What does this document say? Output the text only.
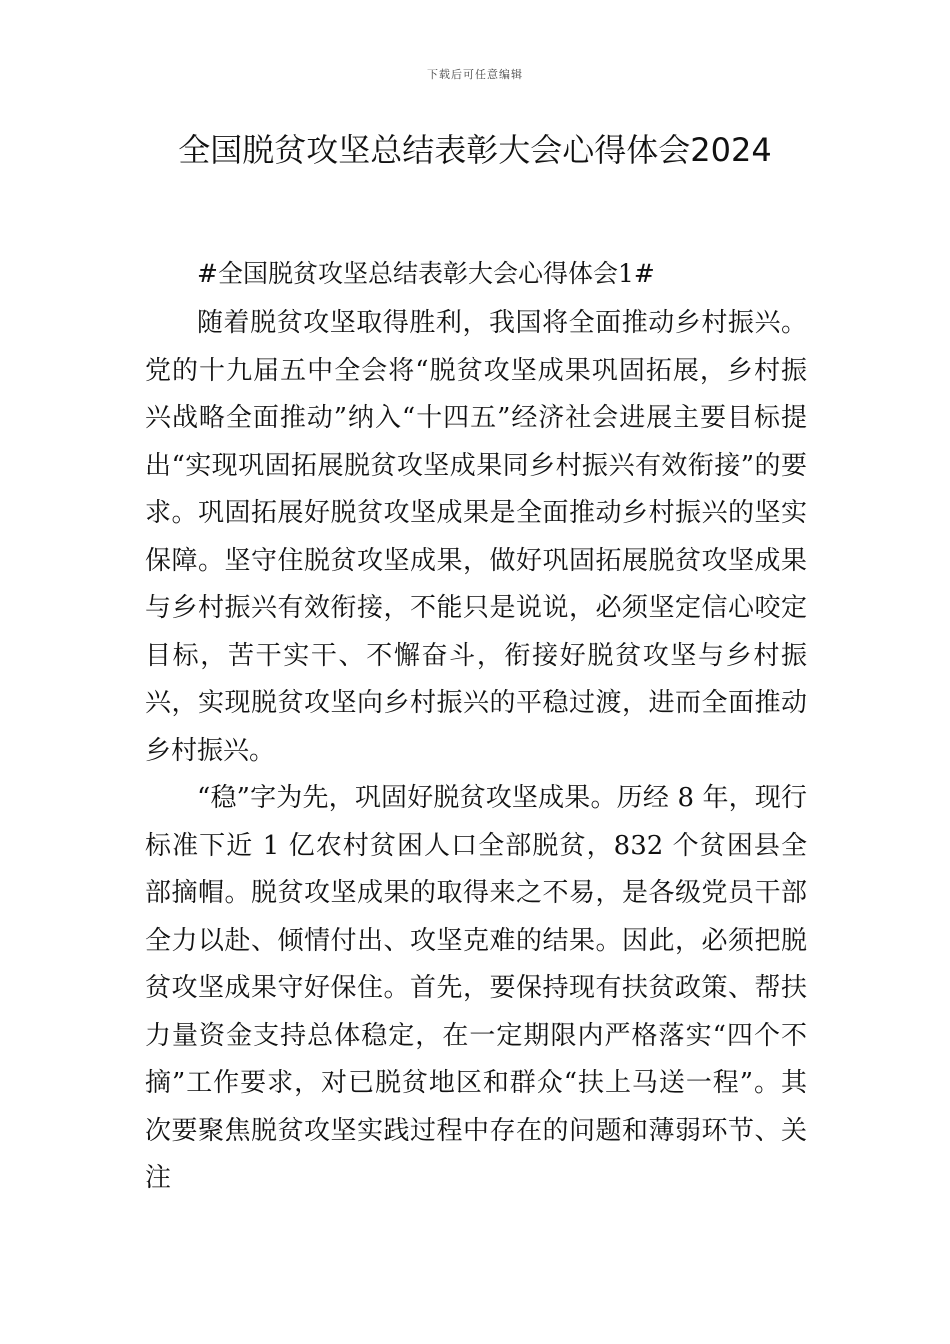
下载后可任意编辑
全国脱贫攻坚总结表彰大会心得体会2024

#全国脱贫攻坚总结表彰大会心得体会1#

随着脱贫攻坚取得胜利，我国将全面推动乡村振兴。党的十九届五中全会将“脱贫攻坚成果巩固拓展，乡村振兴战略全面推动”纳入“十四五”经济社会进展主要目标提出“实现巩固拓展脱贫攻坚成果同乡村振兴有效衔接”的要求。巩固拓展好脱贫攻坚成果是全面推动乡村振兴的坚实保障。坚守住脱贫攻坚成果，做好巩固拓展脱贫攻坚成果与乡村振兴有效衔接，不能只是说说，必须坚定信心咬定目标，苦干实干、不懈奋斗，衔接好脱贫攻坚与乡村振兴，实现脱贫攻坚向乡村振兴的平稳过渡，进而全面推动乡村振兴。

“稳”字为先，巩固好脱贫攻坚成果。历经 8 年，现行标准下近 1 亿农村贫困人口全部脱贫，832 个贫困县全部摘帽。脱贫攻坚成果的取得来之不易，是各级党员干部全力以赴、倾情付出、攻坚克难的结果。因此，必须把脱贫攻坚成果守好保住。首先，要保持现有扶贫政策、帮扶力量资金支持总体稳定，在一定期限内严格落实“四个不摘”工作要求，对已脱贫地区和群众“扶上马送一程”。其次要聚焦脱贫攻坚实践过程中存在的问题和薄弱环节、关注
